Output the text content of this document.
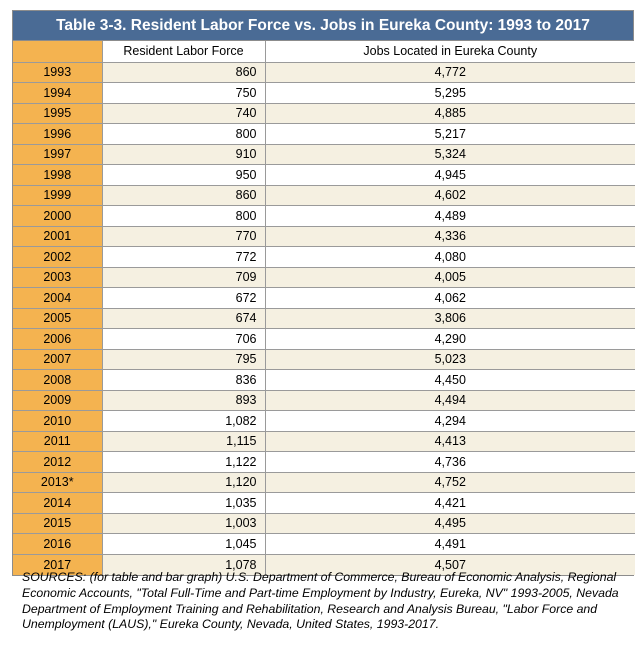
Table 3-3. Resident Labor Force vs. Jobs in Eureka County: 1993 to 2017
	Resident Labor Force	Jobs Located in Eureka County
1993	860	4,772
1994	750	5,295
1995	740	4,885
1996	800	5,217
1997	910	5,324
1998	950	4,945
1999	860	4,602
2000	800	4,489
2001	770	4,336
2002	772	4,080
2003	709	4,005
2004	672	4,062
2005	674	3,806
2006	706	4,290
2007	795	5,023
2008	836	4,450
2009	893	4,494
2010	1,082	4,294
2011	1,115	4,413
2012	1,122	4,736
2013*	1,120	4,752
2014	1,035	4,421
2015	1,003	4,495
2016	1,045	4,491
2017	1,078	4,507
SOURCES: (for table and bar graph) U.S. Department of Commerce, Bureau of Economic Analysis, Regional Economic Accounts, "Total Full-Time and Part-time Employment by Industry, Eureka, NV" 1993-2005, Nevada Department of Employment Training and Rehabilitation, Research and Analysis Bureau, "Labor Force and Unemployment (LAUS)," Eureka County, Nevada, United States, 1993-2017.
